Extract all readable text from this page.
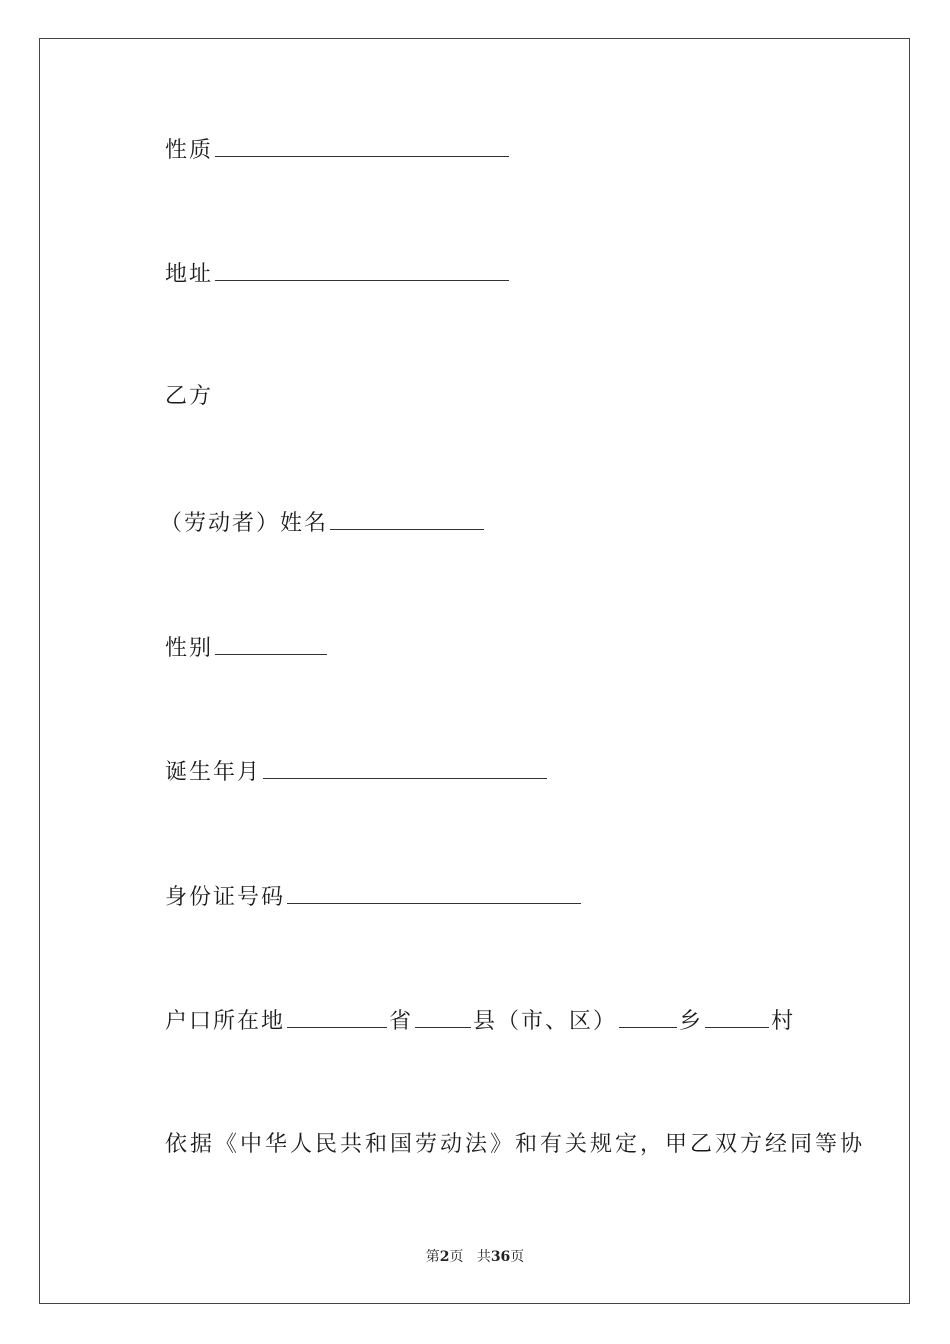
性质
地址
乙方
（劳动者）姓名
性别
诞生年月
身份证号码
户口所在地	省	县（市、区）	乡	村
依据《中华人民共和国劳动法》和有关规定，甲乙双方经同等协
第2页 共36页
